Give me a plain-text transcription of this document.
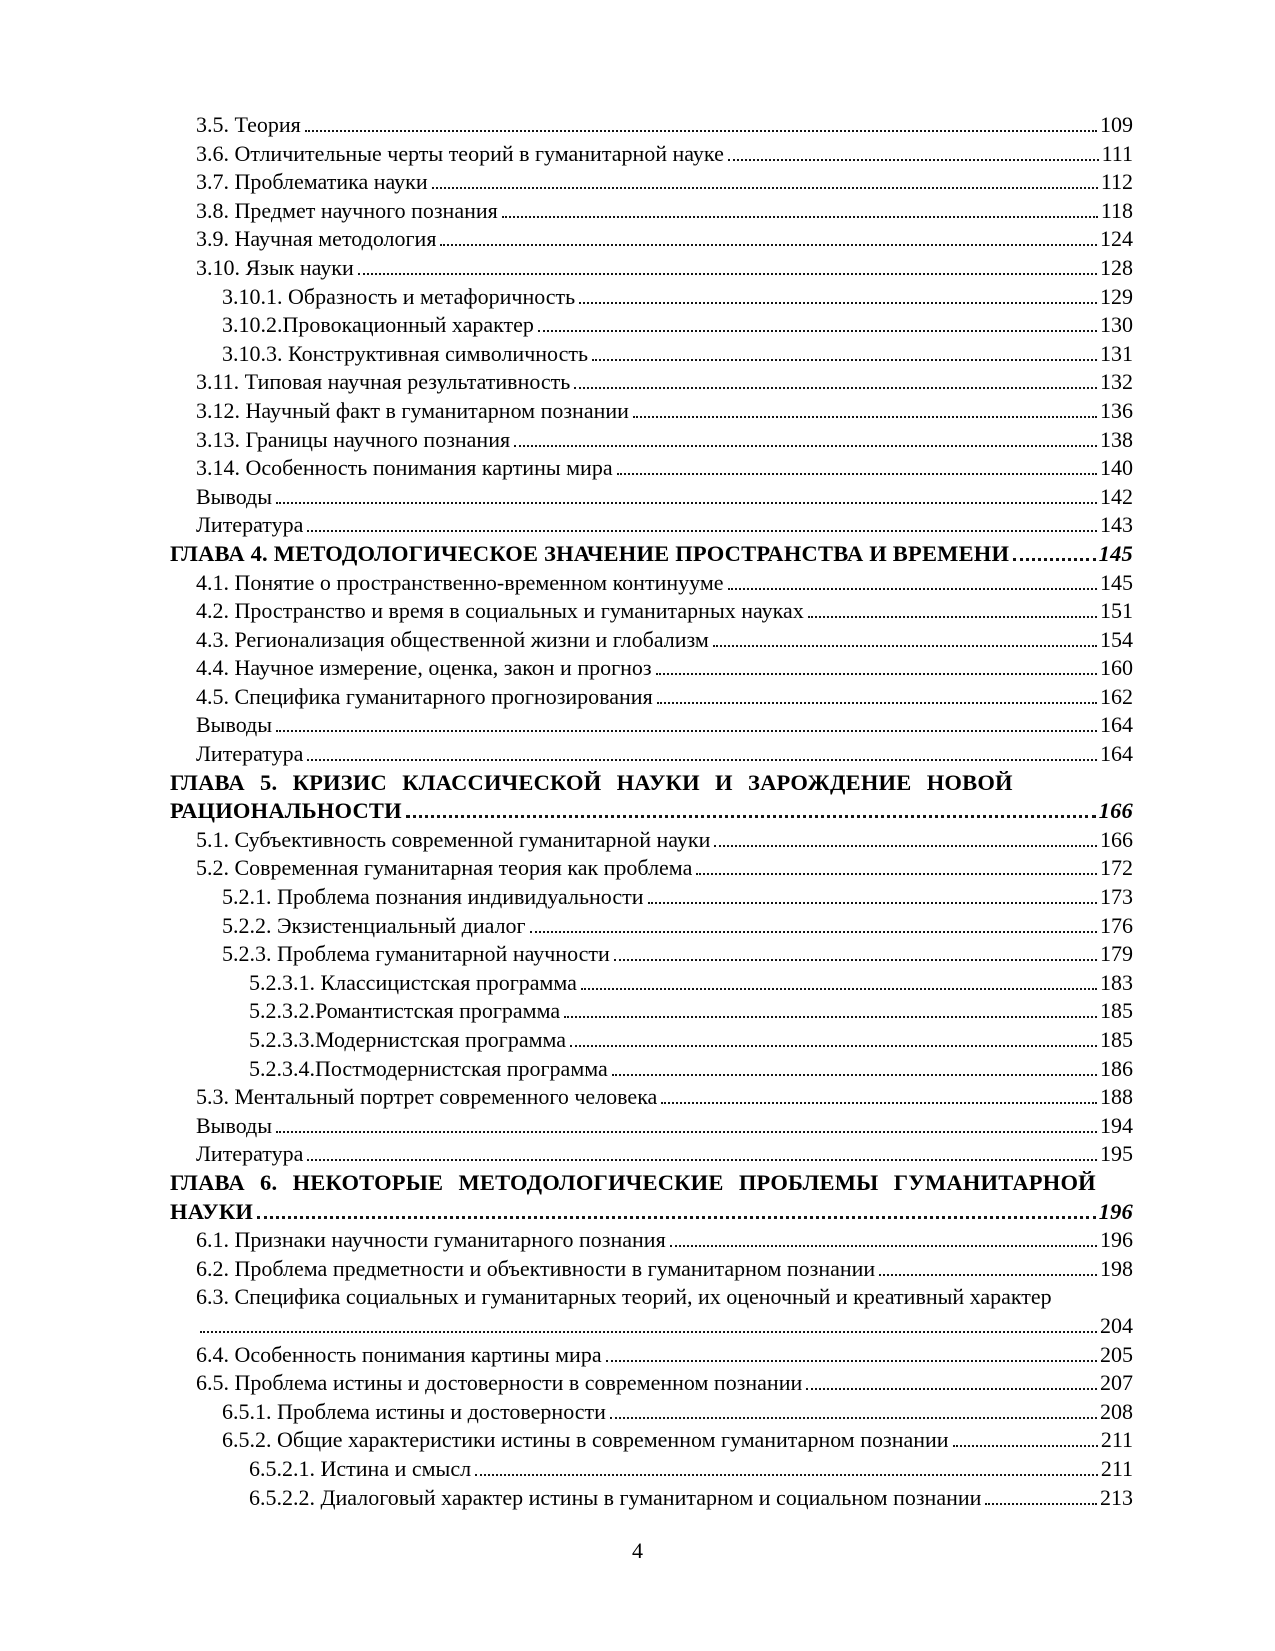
3.5. Теория	109
3.6. Отличительные черты теорий в гуманитарной науке	111
3.7. Проблематика науки	112
3.8. Предмет научного познания	118
3.9. Научная методология	124
3.10. Язык науки	128
3.10.1. Образность и метафоричность	129
3.10.2.Провокационный характер	130
3.10.3. Конструктивная символичность	131
3.11. Типовая научная результативность	132
3.12. Научный факт в гуманитарном познании	136
3.13. Границы научного познания	138
3.14. Особенность понимания картины мира	140
Выводы	142
Литература	143
ГЛАВА 4. МЕТОДОЛОГИЧЕСКОЕ ЗНАЧЕНИЕ ПРОСТРАНСТВА И ВРЕМЕНИ	145
4.1. Понятие о пространственно-временном континууме	145
4.2. Пространство и время в социальных и гуманитарных науках	151
4.3. Регионализация общественной жизни и глобализм	154
4.4. Научное измерение, оценка, закон и прогноз	160
4.5. Специфика гуманитарного прогнозирования	162
Выводы	164
Литература	164
ГЛАВА 5. КРИЗИС КЛАССИЧЕСКОЙ НАУКИ И ЗАРОЖДЕНИЕ НОВОЙ
РАЦИОНАЛЬНОСТИ	166
5.1. Субъективность современной гуманитарной науки	166
5.2. Современная гуманитарная теория как проблема	172
5.2.1. Проблема познания индивидуальности	173
5.2.2. Экзистенциальный диалог	176
5.2.3. Проблема гуманитарной научности	179
5.2.3.1. Классицистская программа	183
5.2.3.2.Романтистская программа	185
5.2.3.3.Модернистская программа	185
5.2.3.4.Постмодернистская программа	186
5.3. Ментальный портрет современного человека	188
Выводы	194
Литература	195
ГЛАВА 6. НЕКОТОРЫЕ МЕТОДОЛОГИЧЕСКИЕ ПРОБЛЕМЫ ГУМАНИТАРНОЙ
НАУКИ	196
6.1. Признаки научности гуманитарного познания	196
6.2. Проблема предметности и объективности в гуманитарном познании	198
6.3. Специфика социальных и гуманитарных теорий, их оценочный и креативный характер
204
6.4. Особенность понимания картины мира	205
6.5. Проблема истины и достоверности в современном познании	207
6.5.1. Проблема истины и достоверности	208
6.5.2. Общие характеристики истины в современном гуманитарном познании	211
6.5.2.1. Истина и смысл	211
6.5.2.2. Диалоговый характер истины в гуманитарном и социальном познании	213
4
